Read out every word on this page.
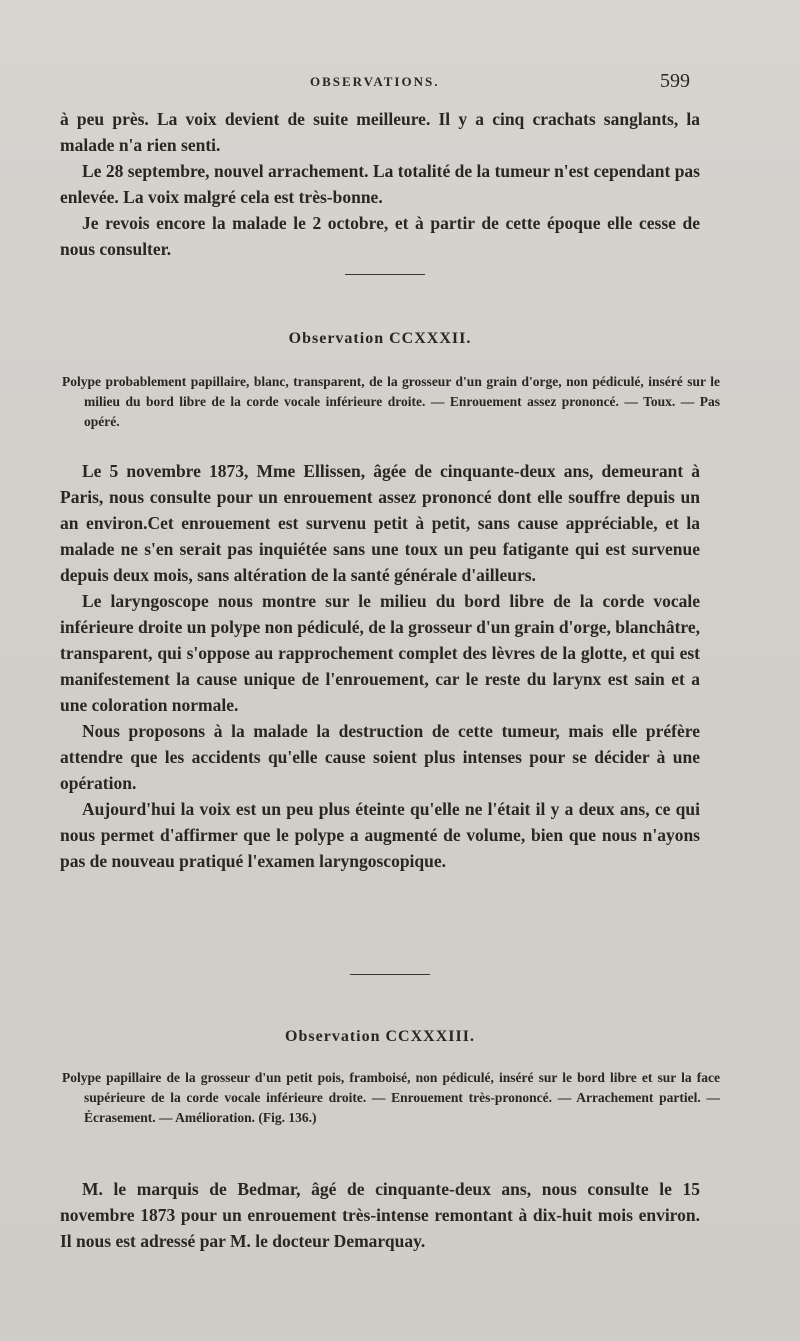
OBSERVATIONS.	599

à peu près. La voix devient de suite meilleure. Il y a cinq crachats sanglants, la malade n'a rien senti.

Le 28 septembre, nouvel arrachement. La totalité de la tumeur n'est cependant pas enlevée. La voix malgré cela est très-bonne.

Je revois encore la malade le 2 octobre, et à partir de cette époque elle cesse de nous consulter.

Observation CCXXXII.
Polype probablement papillaire, blanc, transparent, de la grosseur d'un grain d'orge, non pédiculé, inséré sur le milieu du bord libre de la corde vocale inférieure droite. — Enrouement assez prononcé. — Toux. — Pas opéré.

Le 5 novembre 1873, Mme Ellissen, âgée de cinquante-deux ans, demeurant à Paris, nous consulte pour un enrouement assez prononcé dont elle souffre depuis un an environ.Cet enrouement est survenu petit à petit, sans cause appréciable, et la malade ne s'en serait pas inquiétée sans une toux un peu fatigante qui est survenue depuis deux mois, sans altération de la santé générale d'ailleurs.

Le laryngoscope nous montre sur le milieu du bord libre de la corde vocale inférieure droite un polype non pédiculé, de la grosseur d'un grain d'orge, blanchâtre, transparent, qui s'oppose au rapprochement complet des lèvres de la glotte, et qui est manifestement la cause unique de l'enrouement, car le reste du larynx est sain et a une coloration normale.

Nous proposons à la malade la destruction de cette tumeur, mais elle préfère attendre que les accidents qu'elle cause soient plus intenses pour se décider à une opération.

Aujourd'hui la voix est un peu plus éteinte qu'elle ne l'était il y a deux ans, ce qui nous permet d'affirmer que le polype a augmenté de volume, bien que nous n'ayons pas de nouveau pratiqué l'examen laryngoscopique.

Observation CCXXXIII.
Polype papillaire de la grosseur d'un petit pois, framboisé, non pédiculé, inséré sur le bord libre et sur la face supérieure de la corde vocale inférieure droite. — Enrouement très-prononcé. — Arrachement partiel. — Écrasement. — Amélioration. (Fig. 136.)

M. le marquis de Bedmar, âgé de cinquante-deux ans, nous consulte le 15 novembre 1873 pour un enrouement très-intense remontant à dix-huit mois environ. Il nous est adressé par M. le docteur Demarquay.
